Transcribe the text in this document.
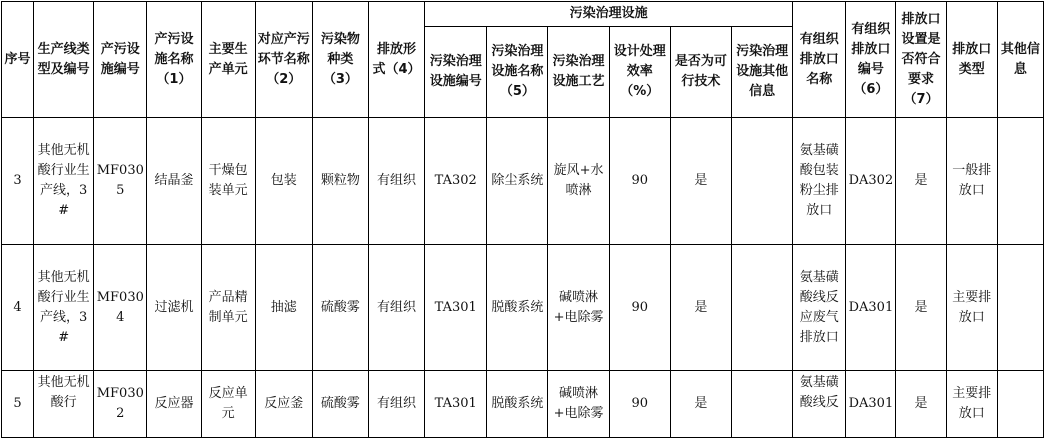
序号	生产线类型及编号	产污设施编号	产污设施名称（1）	主要生产单元	对应产污环节名称（2）	污染物种类（3）	排放形式（4）	污染治理设施						有组织排放口名称	有组织排放口编号（6）	排放口设置是否符合要求（7）	排放口类型	其他信息
								污染治理设施编号	污染治理设施名称（5）	污染治理设施工艺	设计处理效率（%）	是否为可行技术	污染治理设施其他信息					
3	其他无机酸行业生产线，3#	MF0305	结晶釜	干燥包装单元	包装	颗粒物	有组织	TA302	除尘系统	旋风+水喷淋	90	是		氨基磺酸包装粉尘排放口	DA302	是	一般排放口	
4	其他无机酸行业生产线，3#	MF0304	过滤机	产品精制单元	抽滤	硫酸雾	有组织	TA301	脱酸系统	碱喷淋+电除雾	90	是		氨基磺酸线反应废气排放口	DA301	是	主要排放口	
5	其他无机酸行	MF0302	反应器	反应单元	反应釜	硫酸雾	有组织	TA301	脱酸系统	碱喷淋+电除雾	90	是		氨基磺酸线反	DA301	是	主要排放口	
